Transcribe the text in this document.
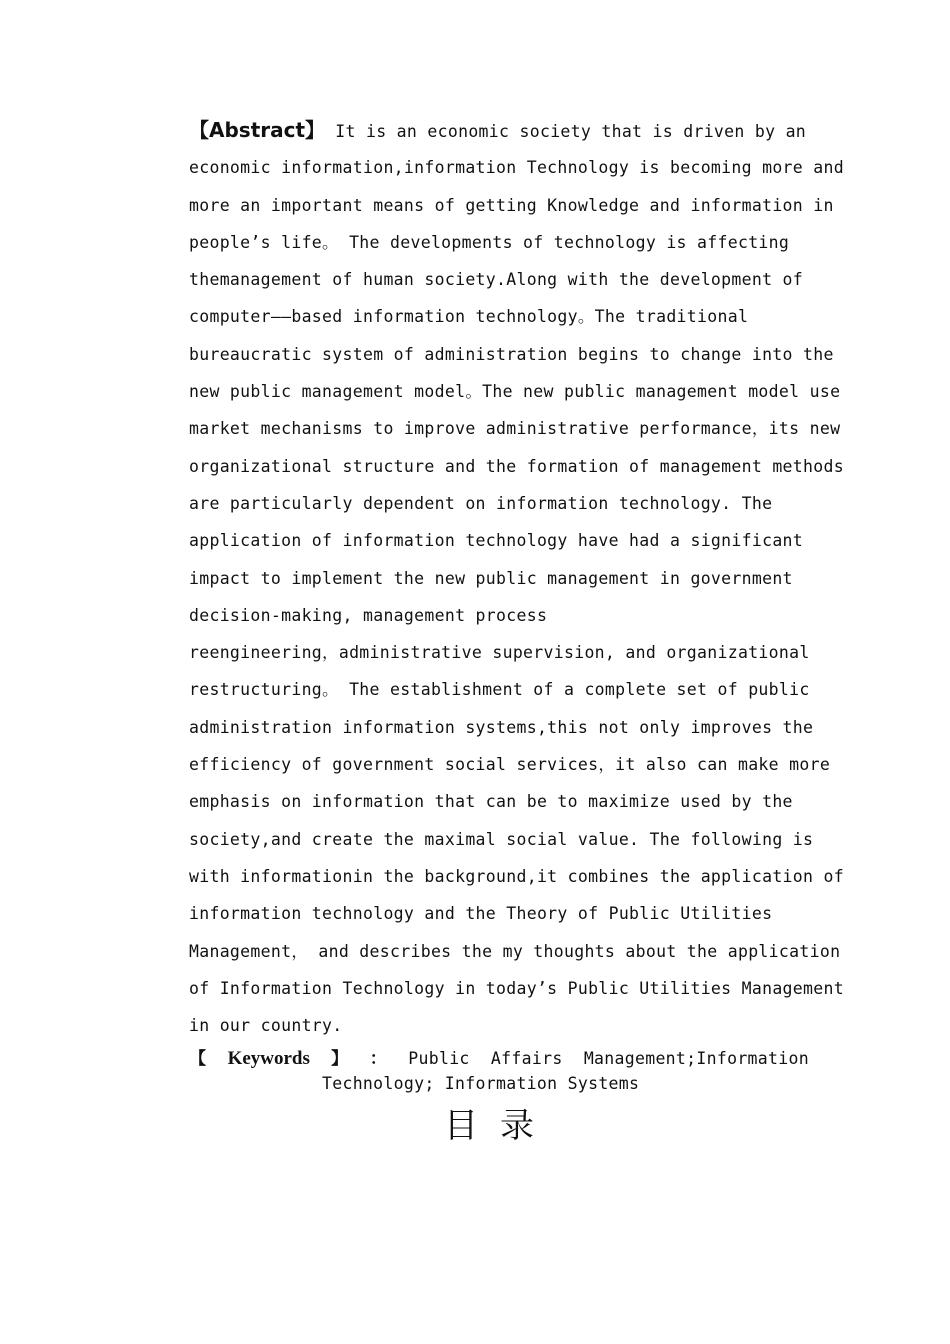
【Abstract】 It is an economic society that is driven by an
economic information,information Technology is becoming more and
more an important means of getting Knowledge and information in
people’s life。 The developments of technology is affecting
themanagement of human society.Along with the development of
computer——based information technology。The traditional
bureaucratic system of administration begins to change into the
new public management model。The new public management model use
market mechanisms to improve administrative performance，its new
organizational structure and the formation of management methods
are particularly dependent on information technology. The
application of information technology have had a significant
impact to implement the new public management in government
decision-making, management process
reengineering，administrative supervision, and organizational
restructuring。 The establishment of a complete set of public
administration information systems,this not only improves the
efficiency of government social services，it also can make more
emphasis on information that can be to maximize used by the
society,and create the maximal social value. The following is
with informationin the background,it combines the application of
information technology and the Theory of Public Utilities
Management， and describes the my thoughts about the application
of Information Technology in today’s Public Utilities Management
in our country.
【 Keywords 】 ： Public Affairs Management;Information
Technology; Information Systems
目录
